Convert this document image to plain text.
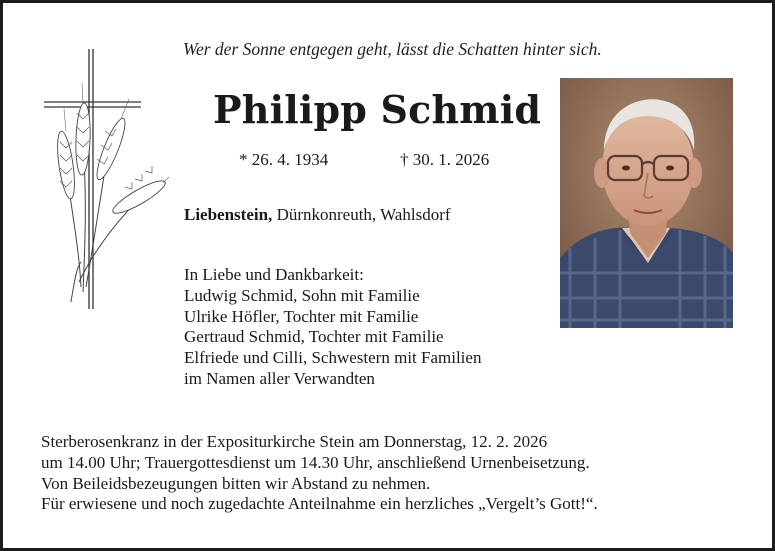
Wer der Sonne entgegen geht, lässt die Schatten hinter sich.
Philipp Schmid
* 26. 4. 1934	† 30. 1. 2026
Liebenstein, Dürnkonreuth, Wahlsdorf
In Liebe und Dankbarkeit:
Ludwig Schmid, Sohn mit Familie
Ulrike Höfler, Tochter mit Familie
Gertraud Schmid, Tochter mit Familie
Elfriede und Cilli, Schwestern mit Familien
im Namen aller Verwandten
Sterberosenkranz in der Expositurkirche Stein am Donnerstag, 12. 2. 2026
um 14.00 Uhr; Trauergottesdienst um 14.30 Uhr, anschließend Urnenbeisetzung.
Von Beileidsbezeugungen bitten wir Abstand zu nehmen.
Für erwiesene und noch zugedachte Anteilnahme ein herzliches „Vergelt’s Gott!“.
